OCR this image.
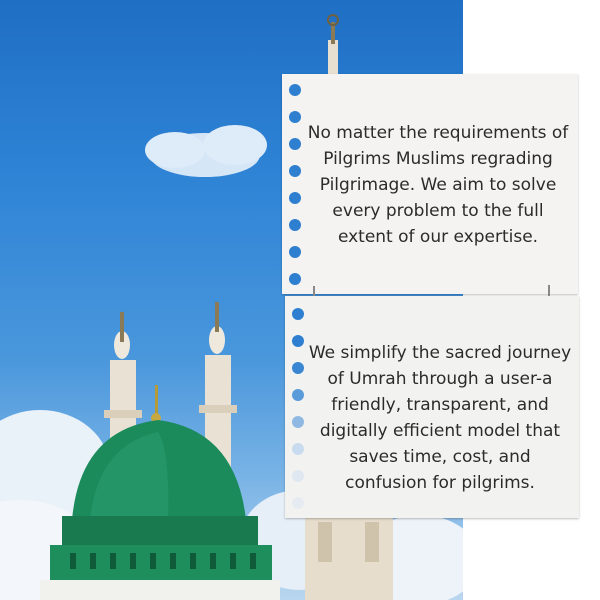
No matter the requirements of Pilgrims Muslims regrading Pilgrimage. We aim to solve every problem to the full extent of our expertise.
We simplify the sacred journey of Umrah through a user-a friendly, transparent, and digitally efficient model that saves time, cost, and confusion for pilgrims.
